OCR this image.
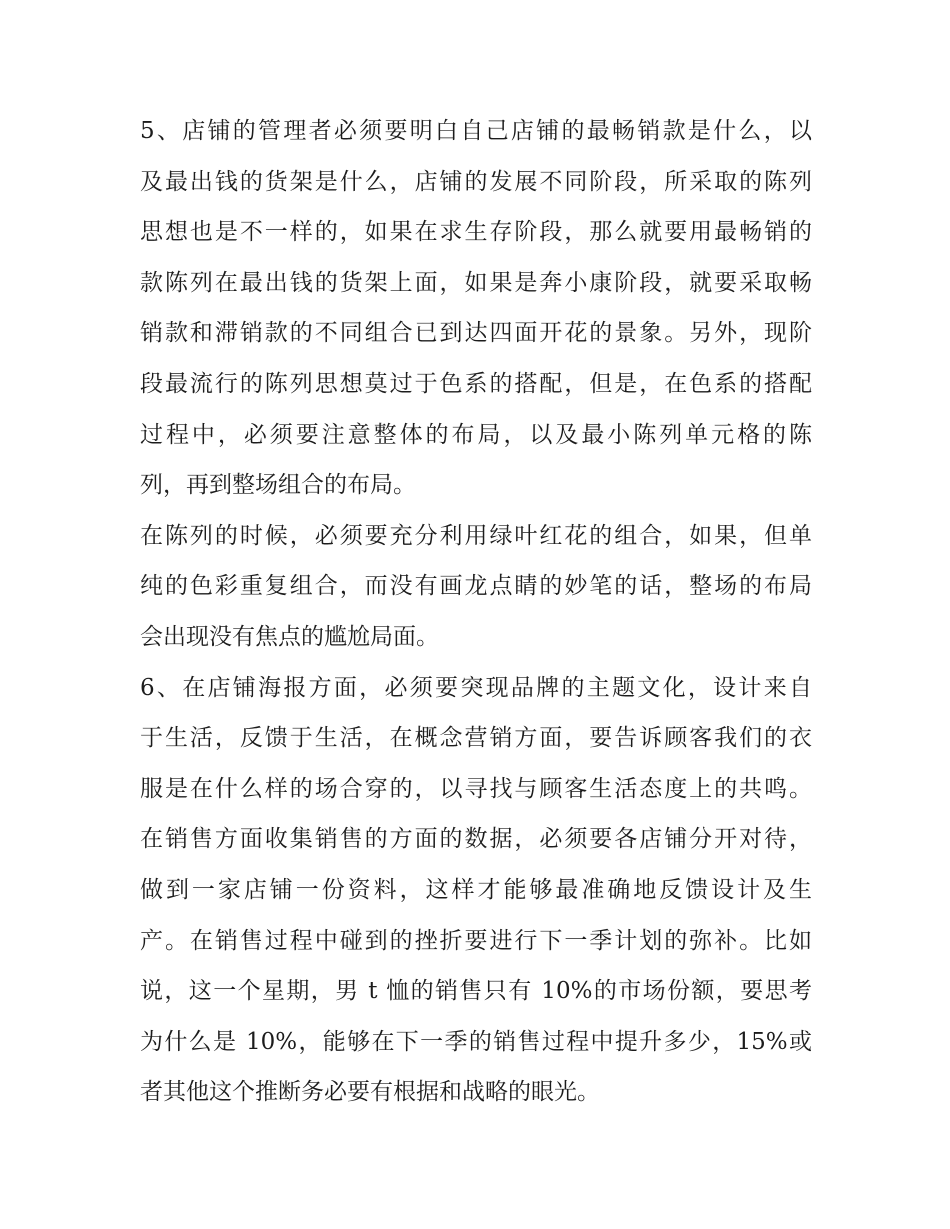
5、店铺的管理者必须要明白自己店铺的最畅销款是什么，以
及最出钱的货架是什么，店铺的发展不同阶段，所采取的陈列
思想也是不一样的，如果在求生存阶段，那么就要用最畅销的
款陈列在最出钱的货架上面，如果是奔小康阶段，就要采取畅
销款和滞销款的不同组合已到达四面开花的景象。另外，现阶
段最流行的陈列思想莫过于色系的搭配，但是，在色系的搭配
过程中，必须要注意整体的布局，以及最小陈列单元格的陈
列，再到整场组合的布局。
在陈列的时候，必须要充分利用绿叶红花的组合，如果，但单
纯的色彩重复组合，而没有画龙点睛的妙笔的话，整场的布局
会出现没有焦点的尴尬局面。
6、在店铺海报方面，必须要突现品牌的主题文化，设计来自
于生活，反馈于生活，在概念营销方面，要告诉顾客我们的衣
服是在什么样的场合穿的，以寻找与顾客生活态度上的共鸣。
在销售方面收集销售的方面的数据，必须要各店铺分开对待，
做到一家店铺一份资料，这样才能够最准确地反馈设计及生
产。在销售过程中碰到的挫折要进行下一季计划的弥补。比如
说，这一个星期，男 t 恤的销售只有 10%的市场份额，要思考
为什么是 10%，能够在下一季的销售过程中提升多少，15%或
者其他这个推断务必要有根据和战略的眼光。
